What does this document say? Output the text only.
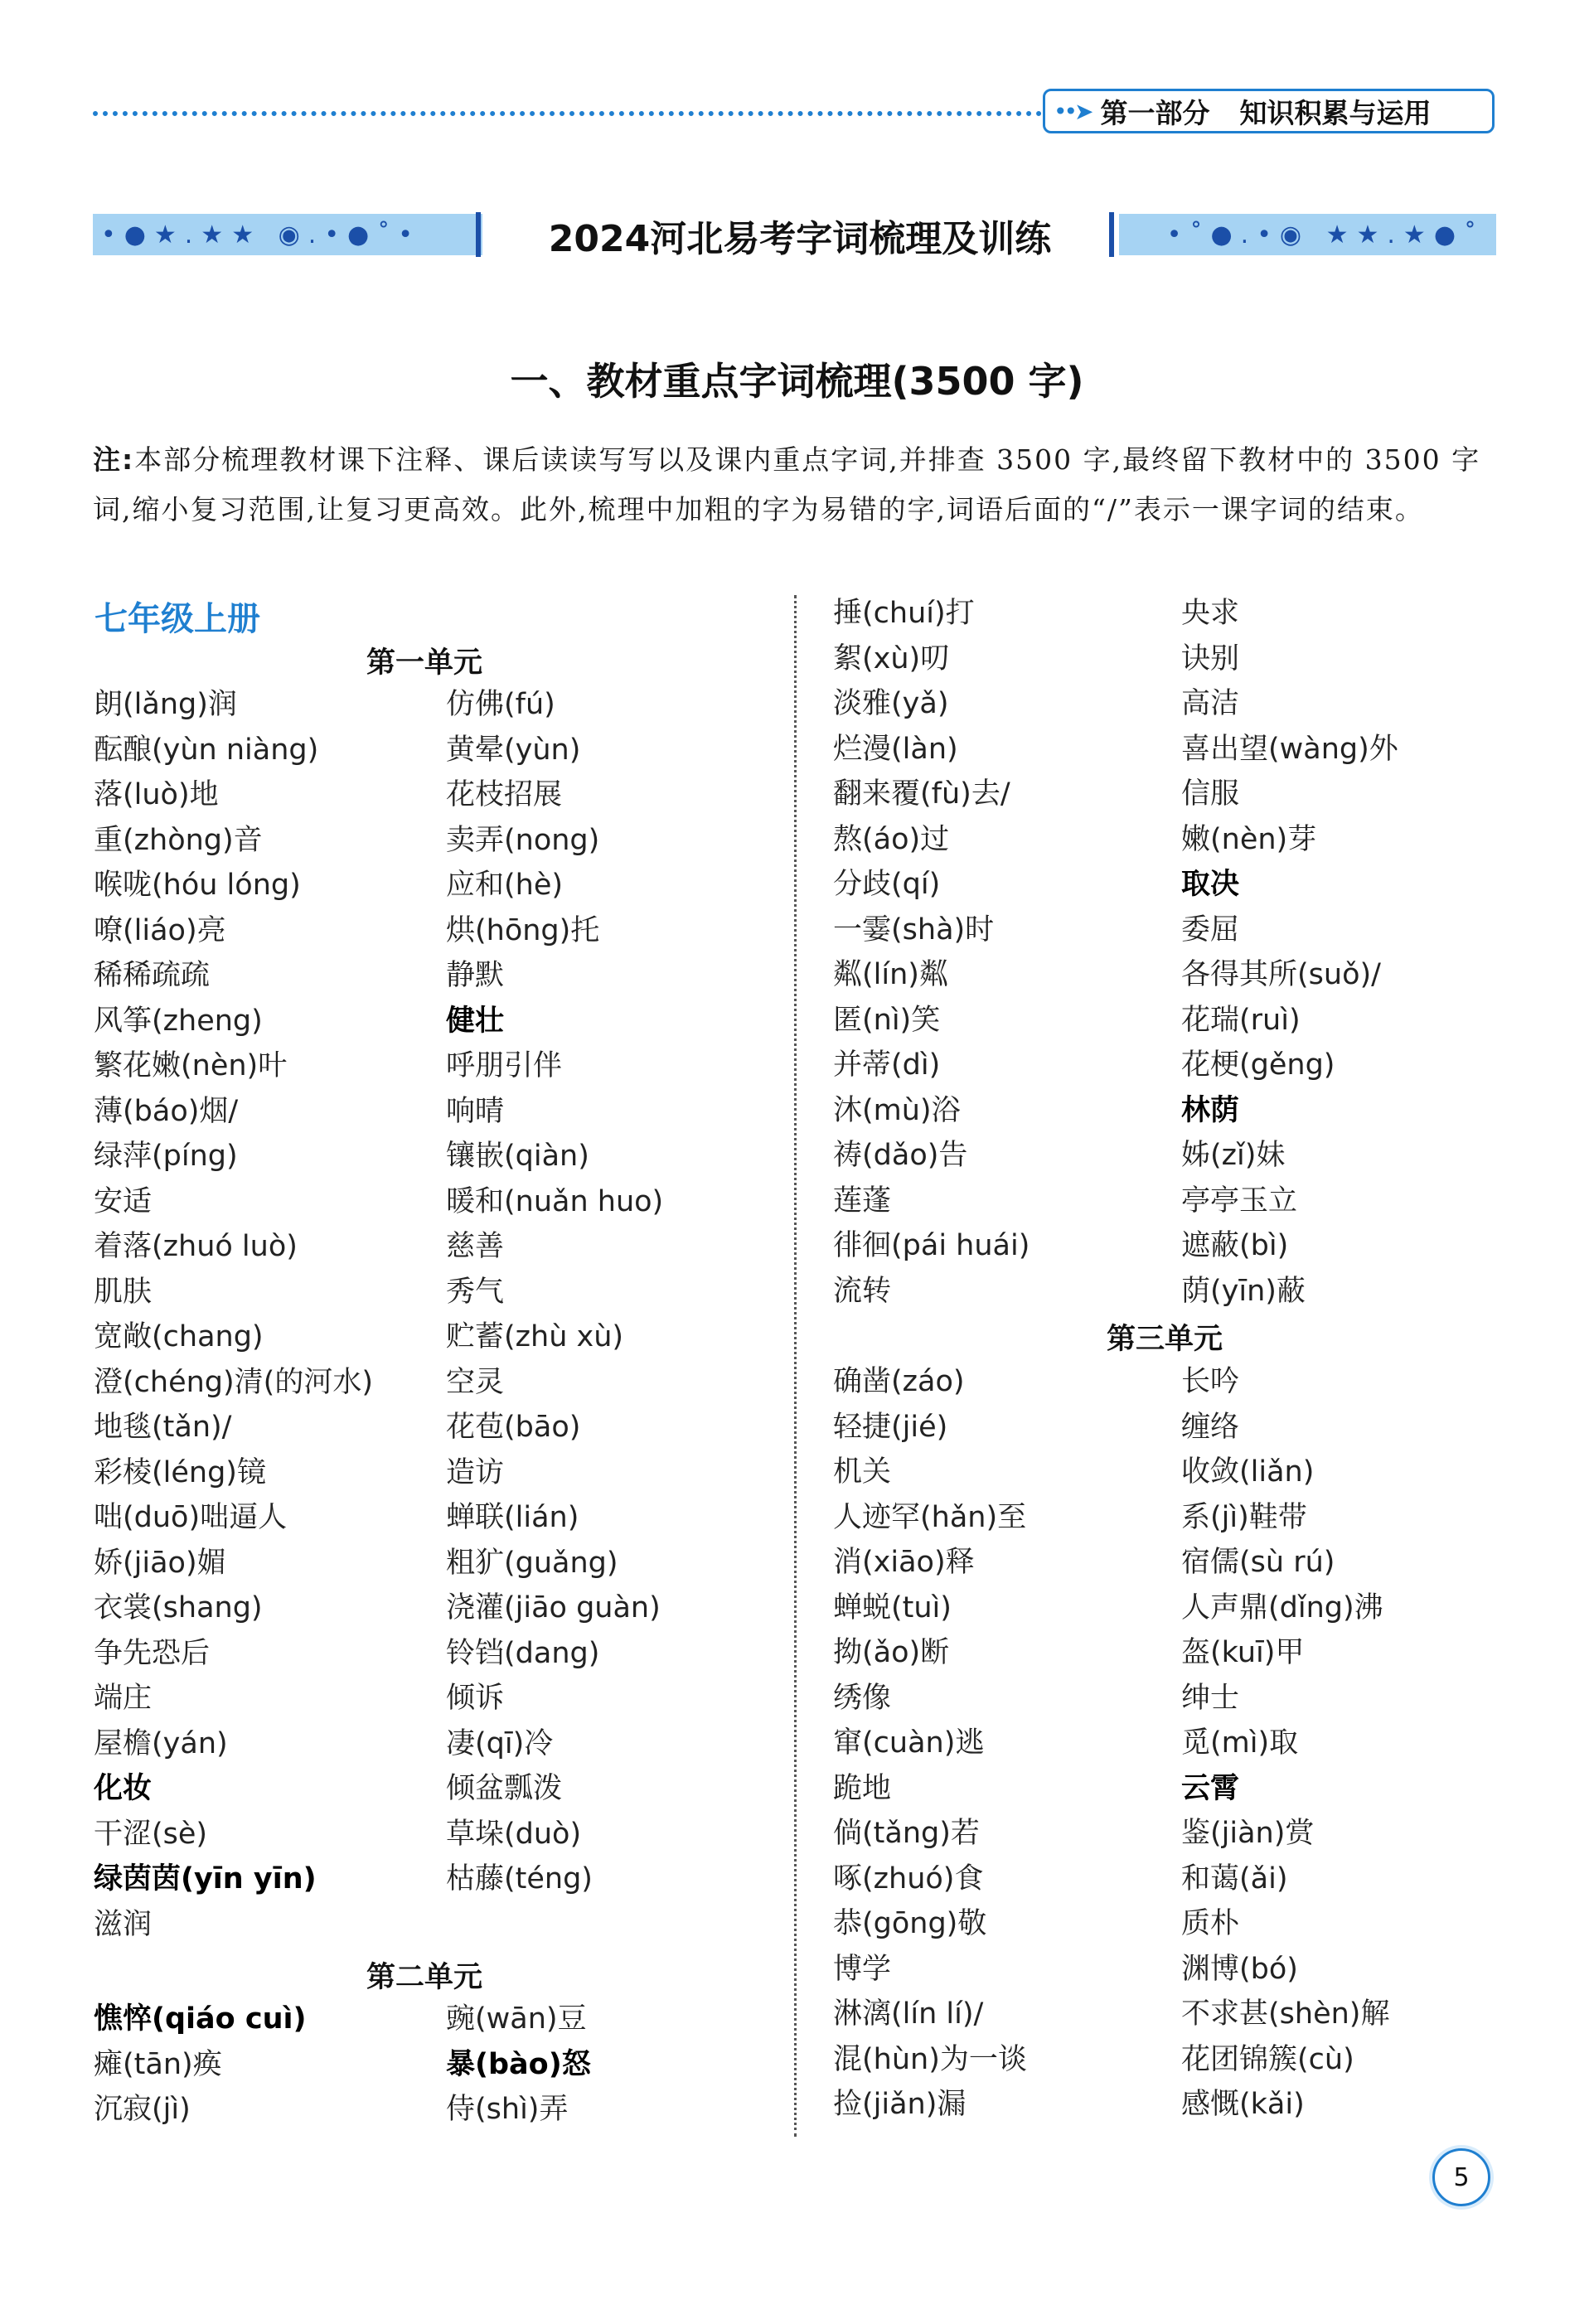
••➤ 第一部分 知识积累与运用
•●★.★★ ◉.•●˚•	2024河北易考字词梳理及训练	•˚●.•◉ ★★.★●˚
一、教材重点字词梳理(3500 字)
注:本部分梳理教材课下注释、课后读读写写以及课内重点字词,并排查 3500 字,最终留下教材中的 3500 字词,缩小复习范围,让复习更高效。此外,梳理中加粗的字为易错的字,词语后面的“/”表示一课字词的结束。
七年级上册
第一单元
朗(lǎng)润
酝酿(yùn niàng)
落(luò)地
重(zhòng)音
喉咙(hóu lóng)
嘹(liáo)亮
稀稀疏疏
风筝(zheng)
繁花嫩(nèn)叶
薄(báo)烟/
绿萍(píng)
安适
着落(zhuó luò)
肌肤
宽敞(chang)
澄(chéng)清(的河水)
地毯(tǎn)/
彩棱(léng)镜
咄(duō)咄逼人
娇(jiāo)媚
衣裳(shang)
争先恐后
端庄
屋檐(yán)
化妆
干涩(sè)
绿茵茵(yīn yīn)
滋润
仿佛(fú)
黄晕(yùn)
花枝招展
卖弄(nong)
应和(hè)
烘(hōng)托
静默
健壮
呼朋引伴
响晴
镶嵌(qiàn)
暖和(nuǎn huo)
慈善
秀气
贮蓄(zhù xù)
空灵
花苞(bāo)
造访
蝉联(lián)
粗犷(guǎng)
浇灌(jiāo guàn)
铃铛(dang)
倾诉
凄(qī)冷
倾盆瓢泼
草垛(duò)
枯藤(téng)
第二单元
憔悴(qiáo cuì)
瘫(tān)痪
沉寂(jì)
豌(wān)豆
暴(bào)怒
侍(shì)弄
捶(chuí)打
絮(xù)叨
淡雅(yǎ)
烂漫(làn)
翻来覆(fù)去/
熬(áo)过
分歧(qí)
一霎(shà)时
粼(lín)粼
匿(nì)笑
并蒂(dì)
沐(mù)浴
祷(dǎo)告
莲蓬
徘徊(pái huái)
流转
央求
诀别
高洁
喜出望(wàng)外
信服
嫩(nèn)芽
取决
委屈
各得其所(suǒ)/
花瑞(ruì)
花梗(gěng)
林荫
姊(zǐ)妹
亭亭玉立
遮蔽(bì)
荫(yīn)蔽
第三单元
确凿(záo)
轻捷(jié)
机关
人迹罕(hǎn)至
消(xiāo)释
蝉蜕(tuì)
拗(ǎo)断
绣像
窜(cuàn)逃
跪地
倘(tǎng)若
啄(zhuó)食
恭(gōng)敬
博学
淋漓(lín lí)/
混(hùn)为一谈
捡(jiǎn)漏
长吟
缠络
收敛(liǎn)
系(jì)鞋带
宿儒(sù rú)
人声鼎(dǐng)沸
盔(kuī)甲
绅士
觅(mì)取
云霄
鉴(jiàn)赏
和蔼(ǎi)
质朴
渊博(bó)
不求甚(shèn)解
花团锦簇(cù)
感慨(kǎi)
5
